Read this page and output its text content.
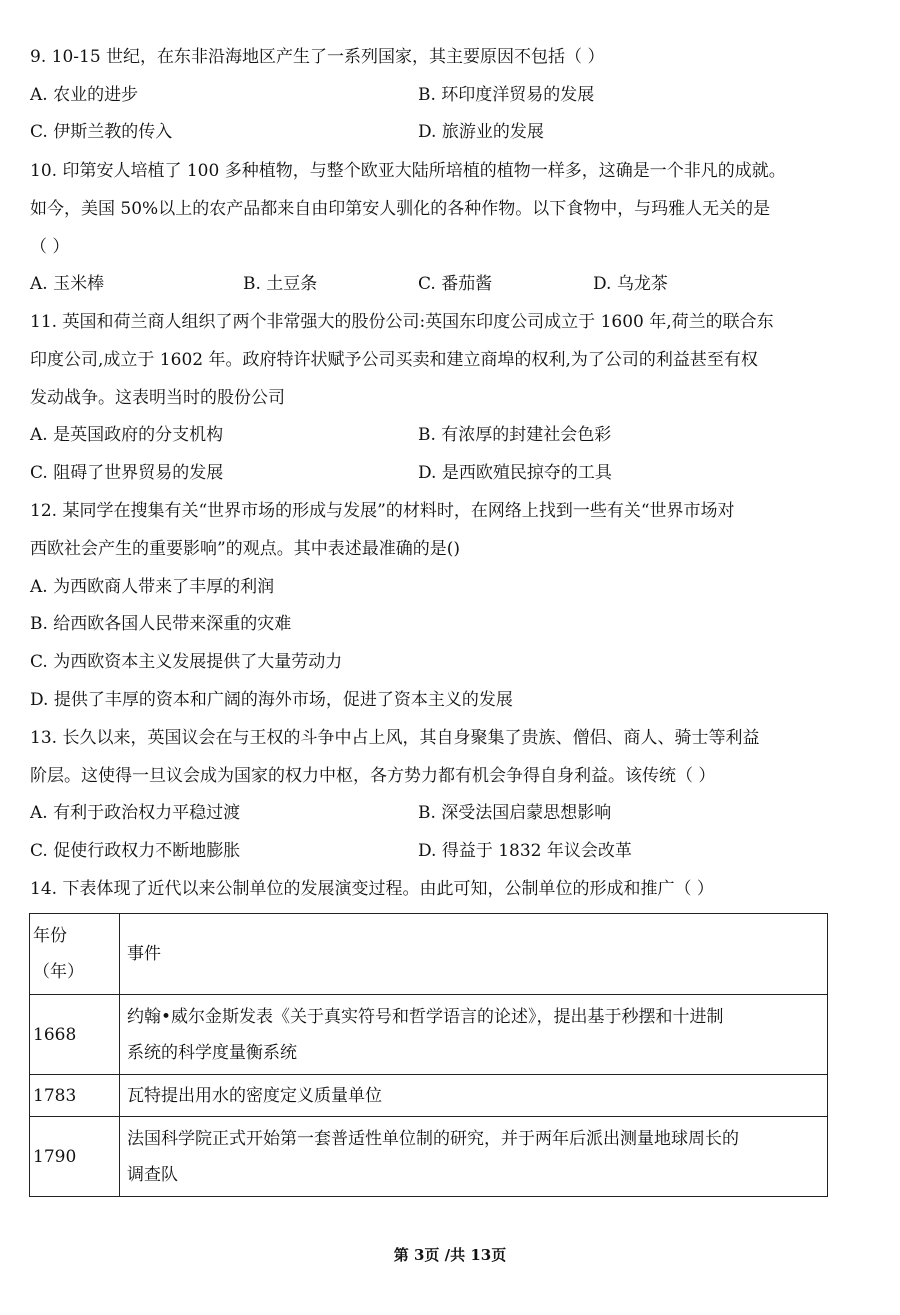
9. 10-15 世纪，在东非沿海地区产生了一系列国家，其主要原因不包括（ ）
A. 农业的进步	B. 环印度洋贸易的发展
C. 伊斯兰教的传入	D. 旅游业的发展
10. 印第安人培植了 100 多种植物，与整个欧亚大陆所培植的植物一样多，这确是一个非凡的成就。
如今，美国 50%以上的农产品都来自由印第安人驯化的各种作物。以下食物中，与玛雅人无关的是
（ ）
A. 玉米棒	B. 土豆条	C. 番茄酱	D. 乌龙茶
11. 英国和荷兰商人组织了两个非常强大的股份公司:英国东印度公司成立于 1600 年,荷兰的联合东
印度公司,成立于 1602 年。政府特许状赋予公司买卖和建立商埠的权利,为了公司的利益甚至有权
发动战争。这表明当时的股份公司
A. 是英国政府的分支机构	B. 有浓厚的封建社会色彩
C. 阻碍了世界贸易的发展	D. 是西欧殖民掠夺的工具
12. 某同学在搜集有关“世界市场的形成与发展”的材料时，在网络上找到一些有关“世界市场对
西欧社会产生的重要影响”的观点。其中表述最准确的是()
A. 为西欧商人带来了丰厚的利润
B. 给西欧各国人民带来深重的灾难
C. 为西欧资本主义发展提供了大量劳动力
D. 提供了丰厚的资本和广阔的海外市场，促进了资本主义的发展
13. 长久以来，英国议会在与王权的斗争中占上风，其自身聚集了贵族、僧侣、商人、骑士等利益
阶层。这使得一旦议会成为国家的权力中枢，各方势力都有机会争得自身利益。该传统（ ）
A. 有利于政治权力平稳过渡	B. 深受法国启蒙思想影响
C. 促使行政权力不断地膨胀	D. 得益于 1832 年议会改革
14. 下表体现了近代以来公制单位的发展演变过程。由此可知，公制单位的形成和推广（ ）
年份
（年）	事件

1668	约翰•威尔金斯发表《关于真实符号和哲学语言的论述》，提出基于秒摆和十进制
系统的科学度量衡系统

1783	瓦特提出用水的密度定义质量单位

1790	法国科学院正式开始第一套普适性单位制的研究，并于两年后派出测量地球周长的
调查队
第 3页 /共 13页
